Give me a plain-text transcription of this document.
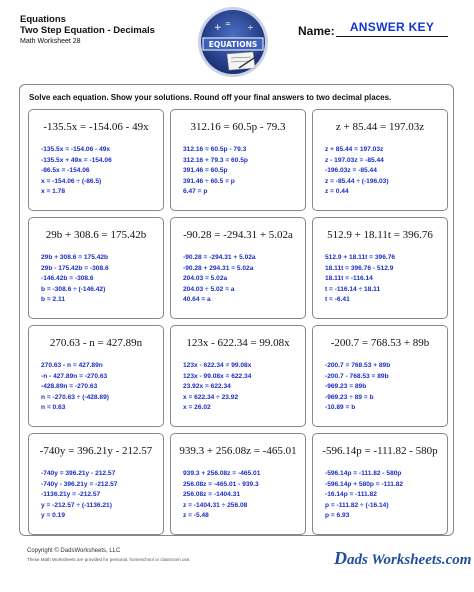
Equations
Two Step Equation - Decimals
Math Worksheet 28
+	÷
=
EQUATIONS
Name:	ANSWER KEY
Solve each equation. Show your solutions. Round off your final answers to two decimal places.
-135.5x = -154.06 - 49x
-135.5x = -154.06 - 49x
-135.5x + 49x = -154.06
-86.5x = -154.06
x = -154.06 ÷ (-86.5)
x = 1.78
312.16 = 60.5p - 79.3
312.16 = 60.5p - 79.3
312.16 + 79.3 = 60.5p
391.46 = 60.5p
391.46 ÷ 60.5 = p
6.47 = p
z + 85.44 = 197.03z
z + 85.44 = 197.03z
z - 197.03z = -85.44
-196.03z = -85.44
z = -85.44 ÷ (-196.03)
z = 0.44
29b + 308.6 = 175.42b
29b + 308.6 = 175.42b
29b - 175.42b = -308.6
-146.42b = -308.6
b = -308.6 ÷ (-146.42)
b = 2.11
-90.28 = -294.31 + 5.02a
-90.28 = -294.31 + 5.02a
-90.28 + 294.31 = 5.02a
204.03 = 5.02a
204.03 ÷ 5.02 = a
40.64 = a
512.9 + 18.11t = 396.76
512.9 + 18.11t = 396.76
18.11t = 396.76 - 512.9
18.11t = -116.14
t = -116.14 ÷ 18.11
t = -6.41
270.63 - n = 427.89n
270.63 - n = 427.89n
-n - 427.89n = -270.63
-428.89n = -270.63
n = -270.63 ÷ (-428.89)
n = 0.63
123x - 622.34 = 99.08x
123x - 622.34 = 99.08x
123x - 99.08x = 622.34
23.92x = 622.34
x = 622.34 ÷ 23.92
x = 26.02
-200.7 = 768.53 + 89b
-200.7 = 768.53 + 89b
-200.7 - 768.53 = 89b
-969.23 = 89b
-969.23 ÷ 89 = b
-10.89 = b
-740y = 396.21y - 212.57
-740y = 396.21y - 212.57
-740y - 396.21y = -212.57
-1136.21y = -212.57
y = -212.57 ÷ (-1136.21)
y = 0.19
939.3 + 256.08z = -465.01
939.3 + 256.08z = -465.01
256.08z = -465.01 - 939.3
256.08z = -1404.31
z = -1404.31 ÷ 256.08
z = -5.48
-596.14p = -111.82 - 580p
-596.14p = -111.82 - 580p
-596.14p + 580p = -111.82
-16.14p = -111.82
p = -111.82 ÷ (-16.14)
p = 6.93
Copyright © DadsWorksheets, LLC
These Math Worksheets are provided for personal, homeschool or classroom use.	Dads Worksheets.com
